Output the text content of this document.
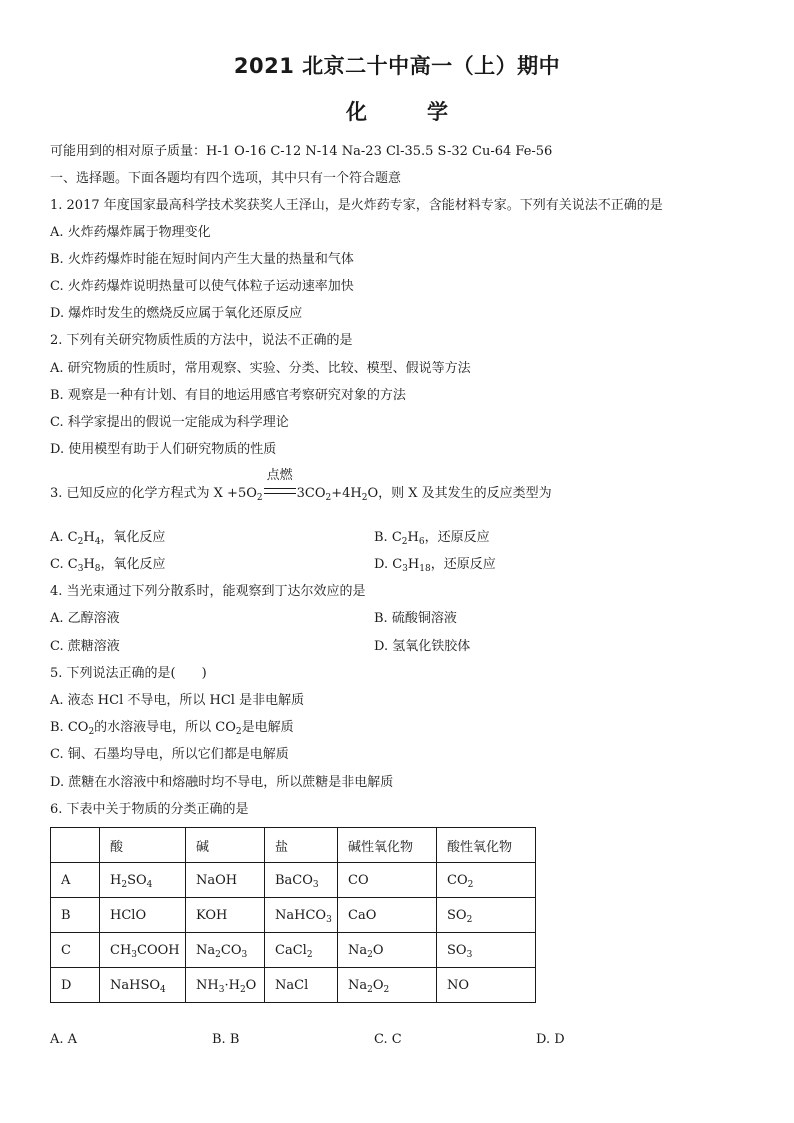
2021 北京二十中高一（上）期中
化	学
可能用到的相对原子质量：H-1 O-16 C-12 N-14 Na-23 Cl-35.5 S-32 Cu-64 Fe-56
一、选择题。下面各题均有四个选项，其中只有一个符合题意
1. 2017 年度国家最高科学技术奖获奖人王泽山，是火炸药专家，含能材料专家。下列有关说法不正确的是
A. 火炸药爆炸属于物理变化
B. 火炸药爆炸时能在短时间内产生大量的热量和气体
C. 火炸药爆炸说明热量可以使气体粒子运动速率加快
D. 爆炸时发生的燃烧反应属于氧化还原反应
2. 下列有关研究物质性质的方法中，说法不正确的是
A. 研究物质的性质时，常用观察、实验、分类、比较、模型、假说等方法
B. 观察是一种有计划、有目的地运用感官考察研究对象的方法
C. 科学家提出的假说一定能成为科学理论
D. 使用模型有助于人们研究物质的性质
3. 已知反应的化学方程式为 $X +5O_2$
点燃
$3CO_2+4H_2O$，则 X 及其发生的反应类型为
A. $C_2H_4$，氧化反应	B. $C_2H_6$，还原反应
C. $C_3H_8$，氧化反应	D. $C_3H_{18}$，还原反应
4. 当光束通过下列分散系时，能观察到丁达尔效应的是
A. 乙醇溶液	B. 硫酸铜溶液
C. 蔗糖溶液	D. 氢氧化铁胶体
5. 下列说法正确的是(　　)
A. 液态 HCl 不导电，所以 HCl 是非电解质
B. $CO_2$的水溶液导电，所以 $CO_2$是电解质
C. 铜、石墨均导电，所以它们都是电解质
D. 蔗糖在水溶液中和熔融时均不导电，所以蔗糖是非电解质
6. 下表中关于物质的分类正确的是
	酸	碱	盐	碱性氧化物	酸性氧化物
A	$H_2SO_4$	NaOH	BaCO$_3$	CO	$CO_2$
B	HClO	KOH	NaHCO$_3$	CaO	$SO_2$
C	$CH_3COOH$	$Na_2CO_3$	CaCl$_2$	$Na_2O$	$SO_3$
D	NaHSO$_4$	$NH_3\cdot H_2O$	NaCl	$Na_2O_2$	NO
A. A	B. B	C. C	D. D
